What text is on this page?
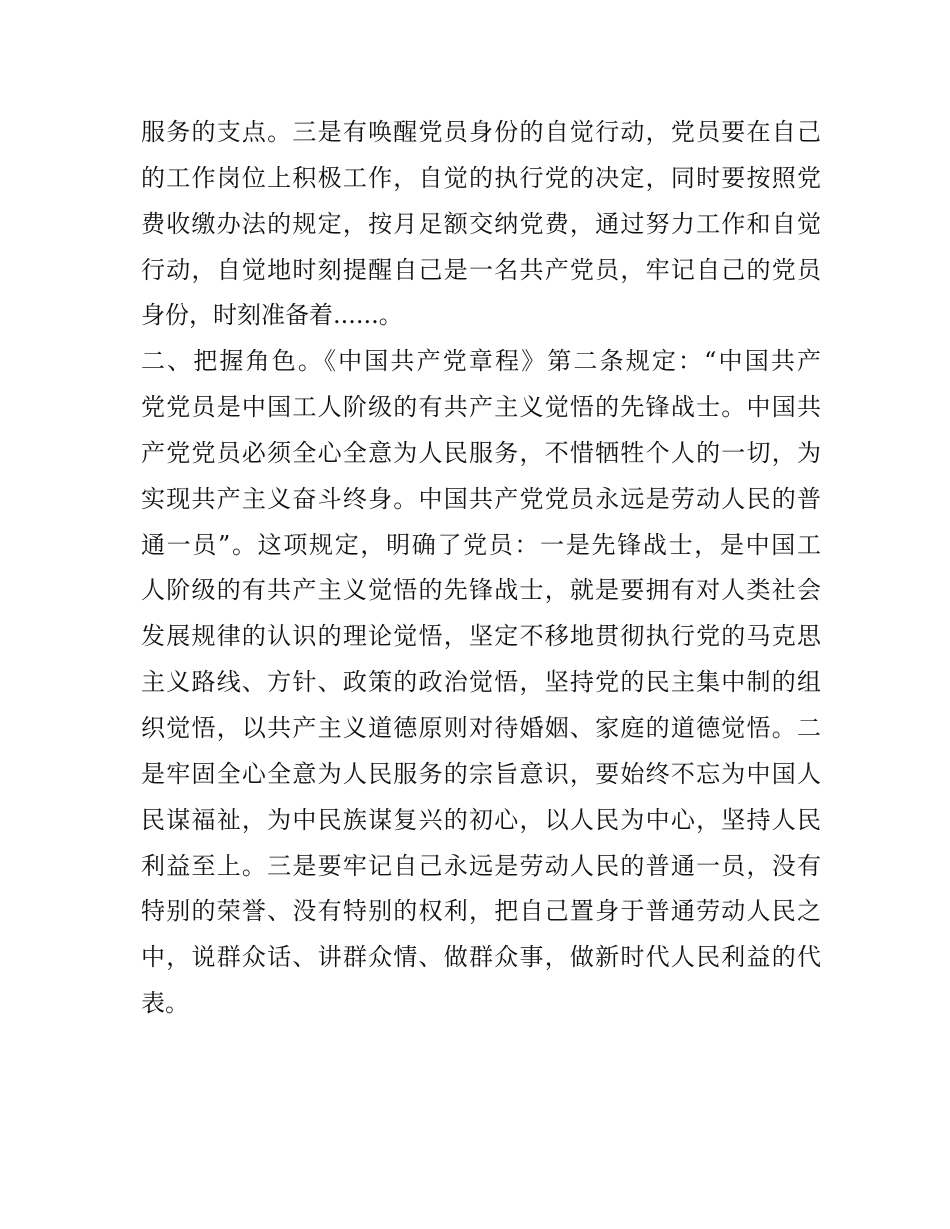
服务的支点。三是有唤醒党员身份的自觉行动，党员要在自己
的工作岗位上积极工作，自觉的执行党的决定，同时要按照党
费收缴办法的规定，按月足额交纳党费，通过努力工作和自觉
行动，自觉地时刻提醒自己是一名共产党员，牢记自己的党员
身份，时刻准备着......。
二、把握角色。《中国共产党章程》第二条规定：“中国共产
党党员是中国工人阶级的有共产主义觉悟的先锋战士。中国共
产党党员必须全心全意为人民服务，不惜牺牲个人的一切，为
实现共产主义奋斗终身。中国共产党党员永远是劳动人民的普
通一员”。这项规定，明确了党员：一是先锋战士，是中国工
人阶级的有共产主义觉悟的先锋战士，就是要拥有对人类社会
发展规律的认识的理论觉悟，坚定不移地贯彻执行党的马克思
主义路线、方针、政策的政治觉悟，坚持党的民主集中制的组
织觉悟，以共产主义道德原则对待婚姻、家庭的道德觉悟。二
是牢固全心全意为人民服务的宗旨意识，要始终不忘为中国人
民谋福祉，为中民族谋复兴的初心，以人民为中心，坚持人民
利益至上。三是要牢记自己永远是劳动人民的普通一员，没有
特别的荣誉、没有特别的权利，把自己置身于普通劳动人民之
中，说群众话、讲群众情、做群众事，做新时代人民利益的代
表。
